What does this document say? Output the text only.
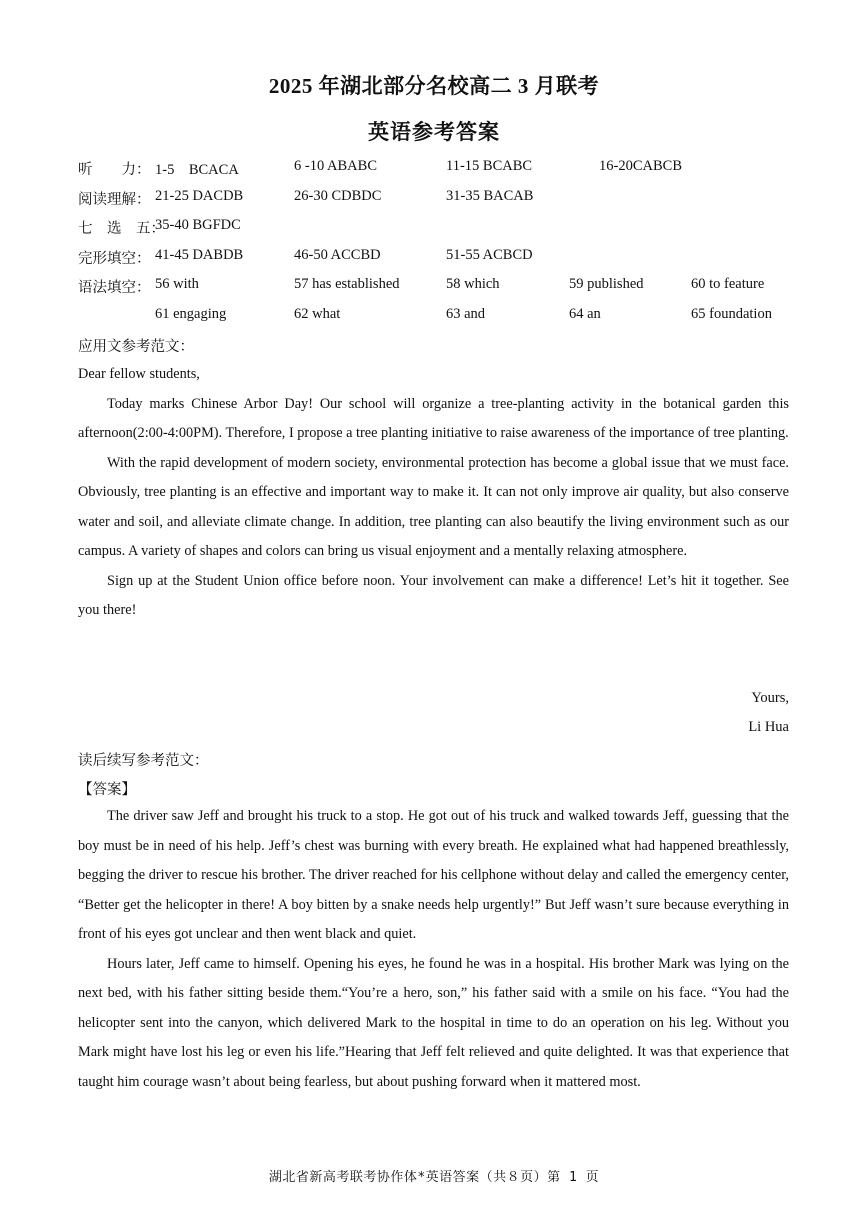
2025 年湖北部分名校高二 3 月联考
英语参考答案
听　　力： 1-5　BCACA	6 -10 ABABC	11-15 BCABC	16-20CABCB
阅读理解： 21-25 DACDB	26-30 CDBDC	31-35 BACAB
七　选　五：
35-40 BGFDC
完形填空： 41-45 DABDB	46-50 ACCBD	51-55 ACBCD
语法填空： 56 with	57 has established	58 which	59 published	60 to feature
61 engaging	62 what	63 and	64 an	65 foundation
应用文参考范文：

Dear fellow students,

Today marks Chinese Arbor Day! Our school will organize a tree-planting activity in the botanical garden this afternoon(2:00-4:00PM). Therefore, I propose a tree planting initiative to raise awareness of the importance of tree planting.

With the rapid development of modern society, environmental protection has become a global issue that we must face. Obviously, tree planting is an effective and important way to make it. It can not only improve air quality, but also conserve water and soil, and alleviate climate change. In addition, tree planting can also beautify the living environment such as our campus. A variety of shapes and colors can bring us visual enjoyment and a mentally relaxing atmosphere.

Sign up at the Student Union office before noon. Your involvement can make a difference! Let’s hit it together. See you there!

Yours,
Li Hua
读后续写参考范文：
【答案】

The driver saw Jeff and brought his truck to a stop. He got out of his truck and walked towards Jeff, guessing that the boy must be in need of his help. Jeff’s chest was burning with every breath. He explained what had happened breathlessly, begging the driver to rescue his brother. The driver reached for his cellphone without delay and called the emergency center, “Better get the helicopter in there! A boy bitten by a snake needs help urgently!” But Jeff wasn’t sure because everything in front of his eyes got unclear and then went black and quiet.

Hours later, Jeff came to himself. Opening his eyes, he found he was in a hospital. His brother Mark was lying on the next bed, with his father sitting beside them.“You’re a hero, son,” his father said with a smile on his face. “You had the helicopter sent into the canyon, which delivered Mark to the hospital in time to do an operation on his leg. Without you Mark might have lost his leg or even his life.”Hearing that Jeff felt relieved and quite delighted. It was that experience that taught him courage wasn’t about being fearless, but about pushing forward when it mattered most.

湖北省新高考联考协作体*英语答案（共８页）第 1 页
